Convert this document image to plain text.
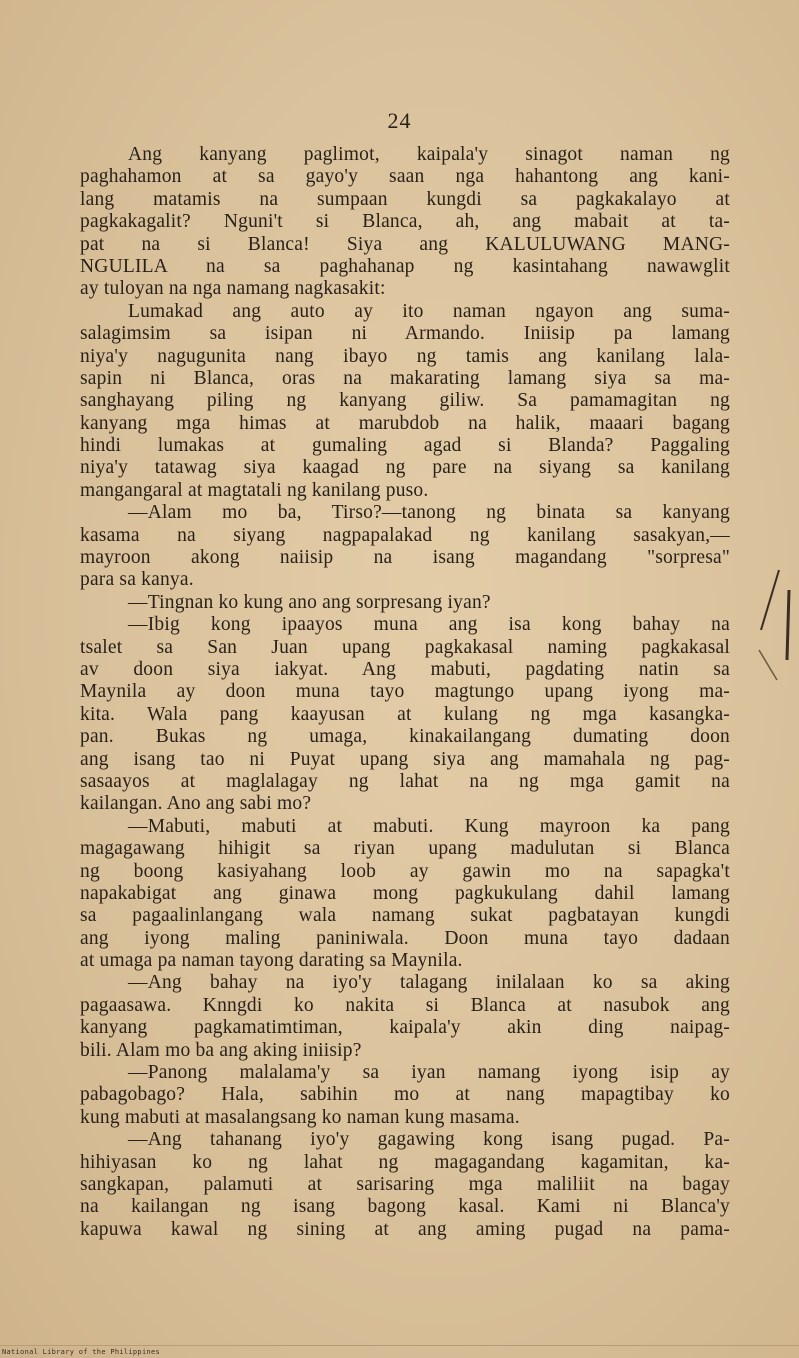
24
Ang kanyang paglimot, kaipala'y sinagot naman ng
paghahamon at sa gayo'y saan nga hahantong ang kani-
lang matamis na sumpaan kungdi sa pagkakalayo at
pagkakagalit? Nguni't si Blanca, ah, ang mabait at ta-
pat na si Blanca! Siya ang KALULUWANG MANG-
NGULILA na sa paghahanap ng kasintahang nawawglit
ay tuloyan na nga namang nagkasakit:
Lumakad ang auto ay ito naman ngayon ang suma-
salagimsim sa isipan ni Armando. Iniisip pa lamang
niya'y nagugunita nang ibayo ng tamis ang kanilang lala-
sapin ni Blanca, oras na makarating lamang siya sa ma-
sanghayang piling ng kanyang giliw. Sa pamamagitan ng
kanyang mga himas at marubdob na halik, maaari bagang
hindi lumakas at gumaling agad si Blanda? Paggaling
niya'y tatawag siya kaagad ng pare na siyang sa kanilang
mangangaral at magtatali ng kanilang puso.
—Alam mo ba, Tirso?—tanong ng binata sa kanyang
kasama na siyang nagpapalakad ng kanilang sasakyan,—
mayroon akong naiisip na isang magandang "sorpresa"
para sa kanya.
—Tingnan ko kung ano ang sorpresang iyan?
—Ibig kong ipaayos muna ang isa kong bahay na
tsalet sa San Juan upang pagkakasal naming pagkakasal
av doon siya iakyat. Ang mabuti, pagdating natin sa
Maynila ay doon muna tayo magtungo upang iyong ma-
kita. Wala pang kaayusan at kulang ng mga kasangka-
pan. Bukas ng umaga, kinakailangang dumating doon
ang isang tao ni Puyat upang siya ang mamahala ng pag-
sasaayos at maglalagay ng lahat na ng mga gamit na
kailangan. Ano ang sabi mo?
—Mabuti, mabuti at mabuti. Kung mayroon ka pang
magagawang hihigit sa riyan upang madulutan si Blanca
ng boong kasiyahang loob ay gawin mo na sapagka't
napakabigat ang ginawa mong pagkukulang dahil lamang
sa pagaalinlangang wala namang sukat pagbatayan kungdi
ang iyong maling paniniwala. Doon muna tayo dadaan
at umaga pa naman tayong darating sa Maynila.
—Ang bahay na iyo'y talagang inilalaan ko sa aking
pagaasawa. Knngdi ko nakita si Blanca at nasubok ang
kanyang pagkamatimtiman, kaipala'y akin ding naipag-
bili. Alam mo ba ang aking iniisip?
—Panong malalama'y sa iyan namang iyong isip ay
pabagobago? Hala, sabihin mo at nang mapagtibay ko
kung mabuti at masalangsang ko naman kung masama.
—Ang tahanang iyo'y gagawing kong isang pugad. Pa-
hihiyasan ko ng lahat ng magagandang kagamitan, ka-
sangkapan, palamuti at sarisaring mga maliliit na bagay
na kailangan ng isang bagong kasal. Kami ni Blanca'y
kapuwa kawal ng sining at ang aming pugad na pama-
National Library of the Philippines
